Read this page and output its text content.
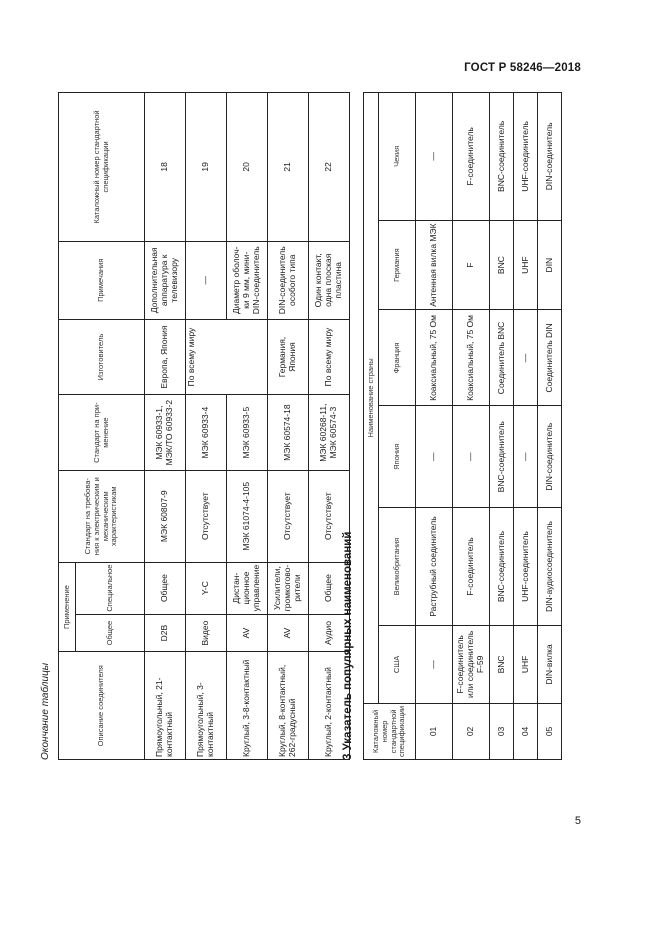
ГОСТ Р 58246—2018
Окончание таблицы	Описание соединителя	Применение		Стандарт на требова-ния к электрическим и механическим характеристикам	Стандарт на при-менение	Изготовитель	Примечания	Каталожный номер стандартной спецификации
	Общее	Специальное					
Прямоугольный, 21-контактный	D2B	Общее	МЭК 60807-9	МЭК 60933-1, МЭК/ТО 60933-2	Европа, Япония	Дополнительная аппаратура к телевизору	18
Прямоугольный, 3-контактный	Видео	Y-C	Отсутствует	МЭК 60933-4	По всему миру	—	19
Круглый, 3-8-контактный	AV	Дистан-ционное управление	МЭК 61074-4-105	МЭК 60933-5		Диаметр оболоч-ки 9 мм, мини-DIN-соединитель	20
Круглый, 8-контактный, 262-градусный	AV	Усилители, громкогово-рители	Отсутствует	МЭК 60574-18	Германия, Япония	DIN-соединитель особого типа	21
Круглый, 2-контактный	Аудио	Общее	Отсутствует	МЭК 60268-11, МЭК 60574-3	По всему миру	Один контакт, одна плоская пластина	22
3 Указатель популярных наименований Каталожный номер стандартной спецификации	Наименование страны					
	США	Великобритания	Япония	Франция	Германия	Чехия
01	—	Раструбный соединитель	—	Коаксиальный, 75 Ом	Антенная вилка МЭК	—
02	F-соединитель или соединитель F-59	F-соединитель	—	Коаксиальный, 75 Ом	F	F-соединитель
03	BNC	BNC-соединитель	BNC-соединитель	Соединитель BNC	BNC	BNC-соединитель
04	UHF	UHF-соединитель	—	—	UHF	UHF-соединитель
05	DIN-вилка	DIN-аудиосоединитель	DIN-соединитель	Соединитель DIN	DIN	DIN-соединитель
5
